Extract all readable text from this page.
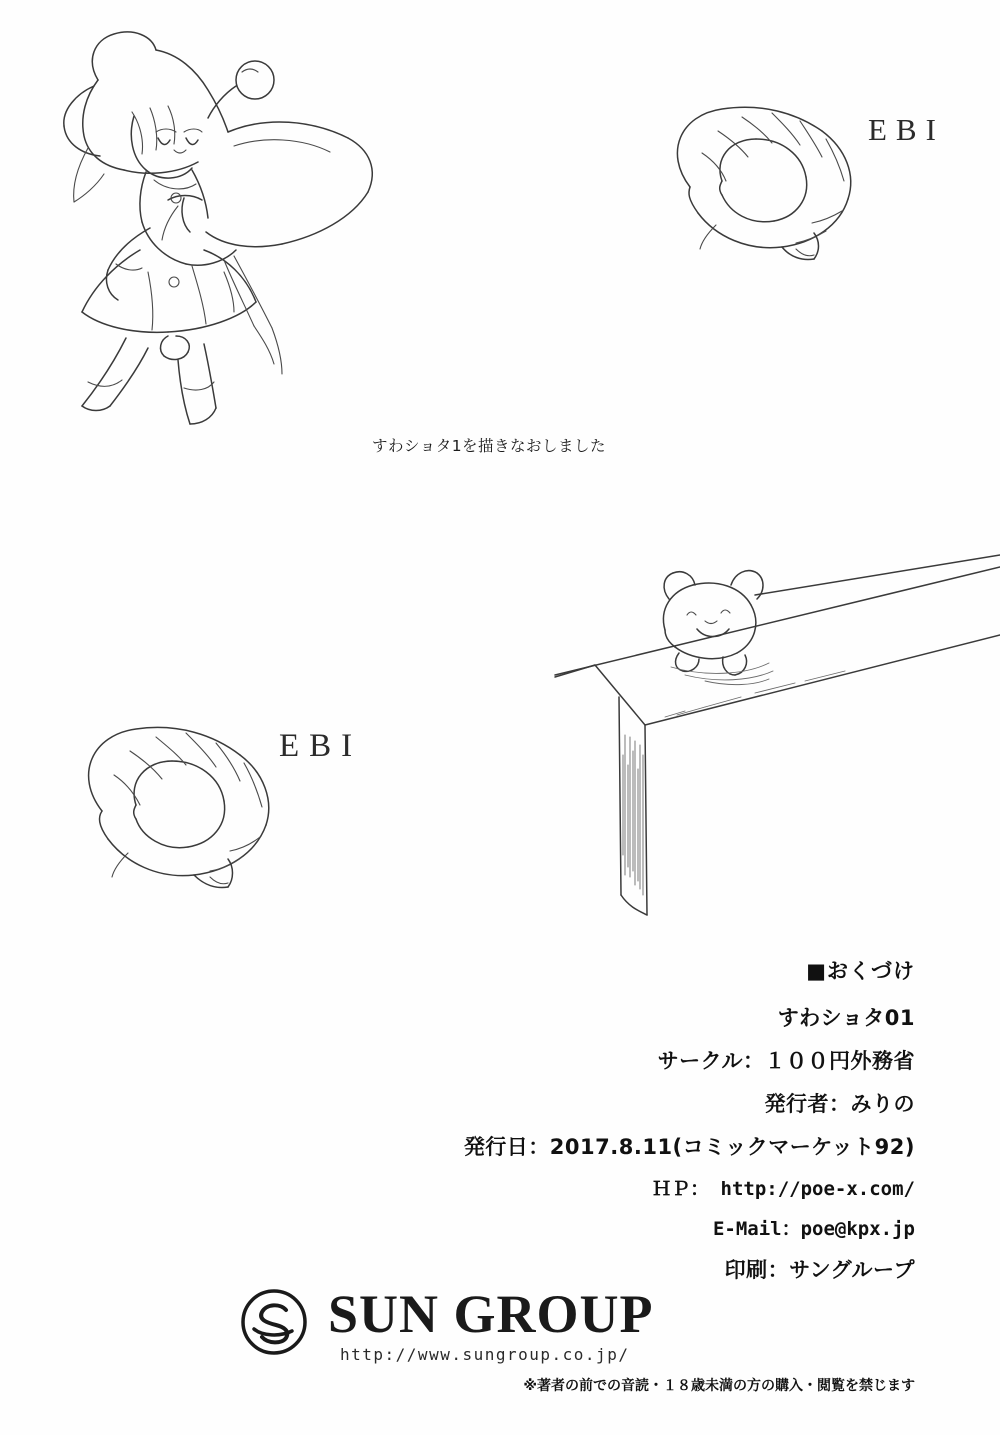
EBI
すわショタ1を描きなおしました
EBI
■おくづけ
すわショタ01
サークル：１００円外務省
発行者：みりの
発行日：2017.8.11(コミックマーケット92)
ＨＰ： http://poe-x.com/
E-Mail：poe@kpx.jp
印刷：サングループ
SUN GROUP
http://www.sungroup.co.jp/
※著者の前での音読・１８歳未満の方の購入・閲覧を禁じます
